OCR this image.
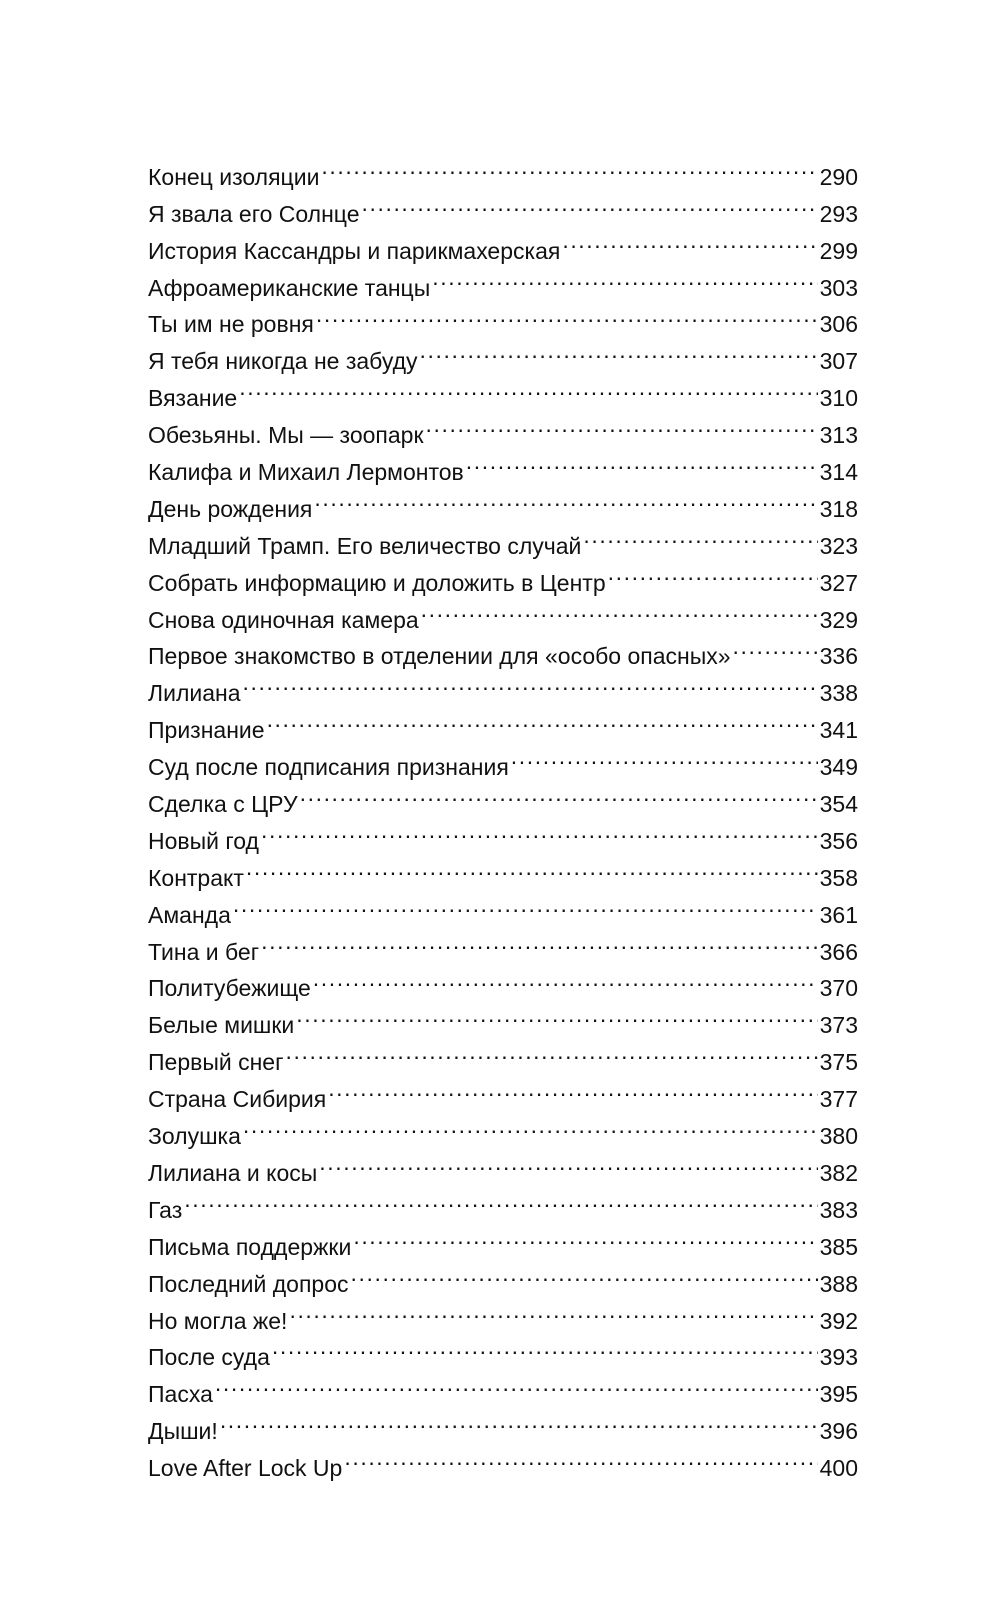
Конец изоляции .....	290
Я звала его Солнце .....	293
История Кассандры и парикмахерская .....	299
Афроамериканские танцы .....	303
Ты им не ровня .....	306
Я тебя никогда не забуду .....	307
Вязание .....	310
Обезьяны. Мы — зоопарк .....	313
Калифа и Михаил Лермонтов .....	314
День рождения .....	318
Младший Трамп. Его величество случай .....	323
Собрать информацию и доложить в Центр .....	327
Снова одиночная камера .....	329
Первое знакомство в отделении для «особо опасных» .....	336
Лилиана .....	338
Признание .....	341
Суд после подписания признания .....	349
Сделка с ЦРУ .....	354
Новый год .....	356
Контракт .....	358
Аманда .....	361
Тина и бег .....	366
Политубежище .....	370
Белые мишки .....	373
Первый снег .....	375
Страна Сибирия .....	377
Золушка .....	380
Лилиана и косы .....	382
Газ .....	383
Письма поддержки .....	385
Последний допрос .....	388
Но могла же! .....	392
После суда .....	393
Пасха .....	395
Дыши! .....	396
Love After Lock Up .....	400
